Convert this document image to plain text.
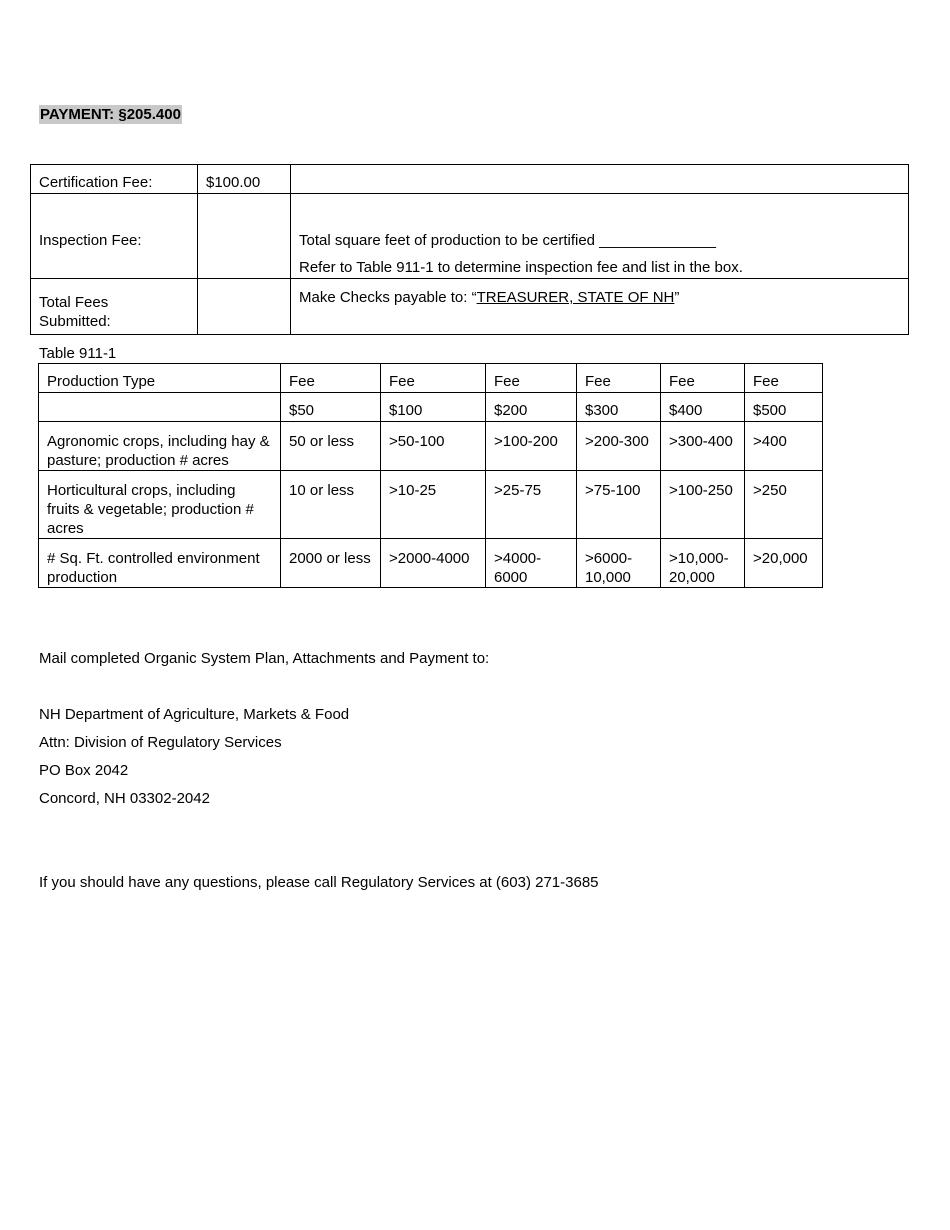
PAYMENT: §205.400
Certification Fee:	$100.00	
Inspection Fee:		Total square feet of production to be certified ______________
Refer to Table 911-1 to determine inspection fee and list in the box.

Total Fees
Submitted:		Make Checks payable to: “TREASURER, STATE OF NH”
Table 911-1
Production Type	Fee	Fee	Fee	Fee	Fee	Fee
	$50	$100	$200	$300	$400	$500
Agronomic crops, including hay & pasture; production # acres	50 or less	>50-100	>100-200	>200-300	>300-400	>400
Horticultural crops, including fruits & vegetable; production # acres	10 or less	>10-25	>25-75	>75-100	>100-250	>250
# Sq. Ft. controlled environment production	2000 or less	>2000-4000	>4000-6000	>6000-10,000	>10,000-20,000	>20,000
Mail completed Organic System Plan, Attachments and Payment to:
NH Department of Agriculture, Markets & Food
Attn: Division of Regulatory Services
PO Box 2042
Concord, NH 03302-2042
If you should have any questions, please call Regulatory Services at (603) 271-3685
